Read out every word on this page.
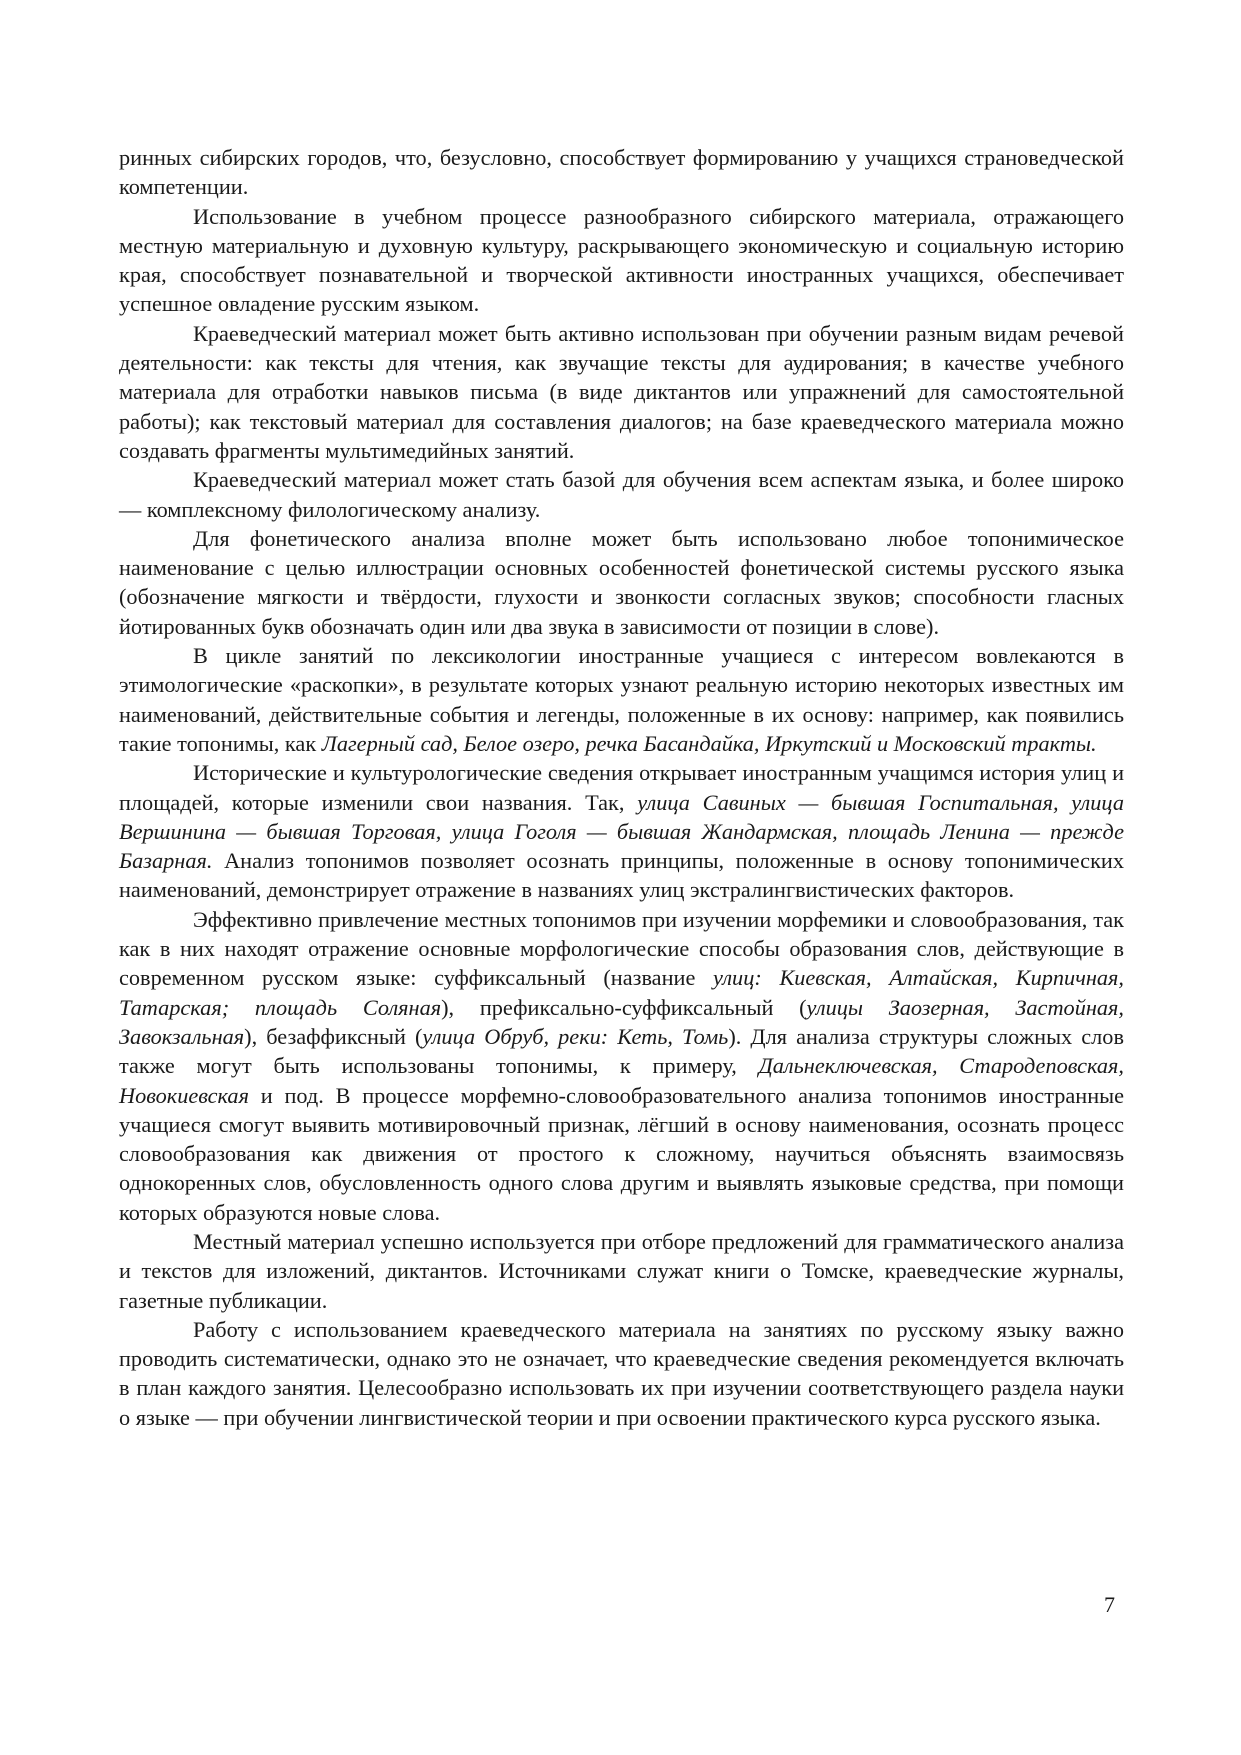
ринных сибирских городов, что, безусловно, способствует формированию у учащихся страноведческой компетенции.

Использование в учебном процессе разнообразного сибирского материала, отражающего местную материальную и духовную культуру, раскрывающего экономическую и социальную историю края, способствует познавательной и творческой активности иностранных учащихся, обеспечивает успешное овладение русским языком.

Краеведческий материал может быть активно использован при обучении разным видам речевой деятельности: как тексты для чтения, как звучащие тексты для аудирования; в качестве учебного материала для отработки навыков письма (в виде диктантов или упражнений для самостоятельной работы); как текстовый материал для составления диалогов; на базе краеведческого материала можно создавать фрагменты мультимедийных занятий.

Краеведческий материал может стать базой для обучения всем аспектам языка, и более широко — комплексному филологическому анализу.

Для фонетического анализа вполне может быть использовано любое топонимическое наименование с целью иллюстрации основных особенностей фонетической системы русского языка (обозначение мягкости и твёрдости, глухости и звонкости согласных звуков; способности гласных йотированных букв обозначать один или два звука в зависимости от позиции в слове).

В цикле занятий по лексикологии иностранные учащиеся с интересом вовлекаются в этимологические «раскопки», в результате которых узнают реальную историю некоторых известных им наименований, действительные события и легенды, положенные в их основу: например, как появились такие топонимы, как Лагерный сад, Белое озеро, речка Басандайка, Иркутский и Московский тракты.

Исторические и культурологические сведения открывает иностранным учащимся история улиц и площадей, которые изменили свои названия. Так, улица Савиных — бывшая Госпитальная, улица Вершинина — бывшая Торговая, улица Гоголя — бывшая Жандармская, площадь Ленина — прежде Базарная. Анализ топонимов позволяет осознать принципы, положенные в основу топонимических наименований, демонстрирует отражение в названиях улиц экстралингвистических факторов.

Эффективно привлечение местных топонимов при изучении морфемики и словообразования, так как в них находят отражение основные морфологические способы образования слов, действующие в современном русском языке: суффиксальный (название улиц: Киевская, Алтайская, Кирпичная, Татарская; площадь Соляная), префиксально-суффиксальный (улицы Заозерная, Застойная, Завокзальная), безаффиксный (улица Обруб, реки: Кеть, Томь). Для анализа структуры сложных слов также могут быть использованы топонимы, к примеру, Дальнеключевская, Стародеповская, Новокиевская и под. В процессе морфемно-словообразовательного анализа топонимов иностранные учащиеся смогут выявить мотивировочный признак, лёгший в основу наименования, осознать процесс словообразования как движения от простого к сложному, научиться объяснять взаимосвязь однокоренных слов, обусловленность одного слова другим и выявлять языковые средства, при помощи которых образуются новые слова.

Местный материал успешно используется при отборе предложений для грамматического анализа и текстов для изложений, диктантов. Источниками служат книги о Томске, краеведческие журналы, газетные публикации.

Работу с использованием краеведческого материала на занятиях по русскому языку важно проводить систематически, однако это не означает, что краеведческие сведения рекомендуется включать в план каждого занятия. Целесообразно использовать их при изучении соответствующего раздела науки о языке — при обучении лингвистической теории и при освоении практического курса русского языка.

7
